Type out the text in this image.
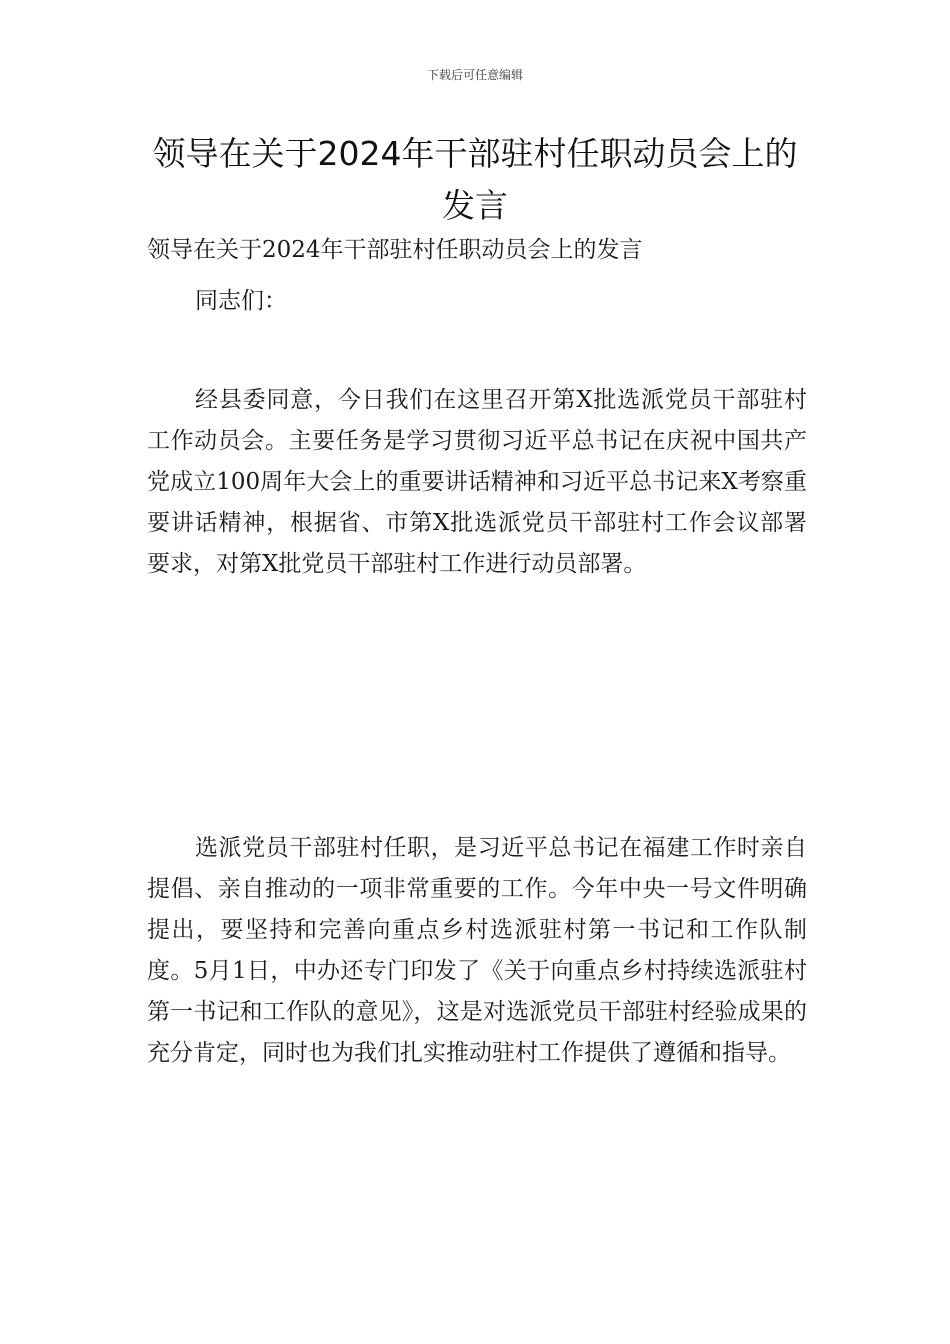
下载后可任意编辑
领导在关于2024年干部驻村任职动员会上的发言
领导在关于2024年干部驻村任职动员会上的发言
同志们：
经县委同意，今日我们在这里召开第X批选派党员干部驻村工作动员会。主要任务是学习贯彻习近平总书记在庆祝中国共产党成立100周年大会上的重要讲话精神和习近平总书记来X考察重要讲话精神，根据省、市第X批选派党员干部驻村工作会议部署要求，对第X批党员干部驻村工作进行动员部署。
选派党员干部驻村任职，是习近平总书记在福建工作时亲自提倡、亲自推动的一项非常重要的工作。今年中央一号文件明确提出，要坚持和完善向重点乡村选派驻村第一书记和工作队制度。5月1日，中办还专门印发了《关于向重点乡村持续选派驻村第一书记和工作队的意见》，这是对选派党员干部驻村经验成果的充分肯定，同时也为我们扎实推动驻村工作提供了遵循和指导。
